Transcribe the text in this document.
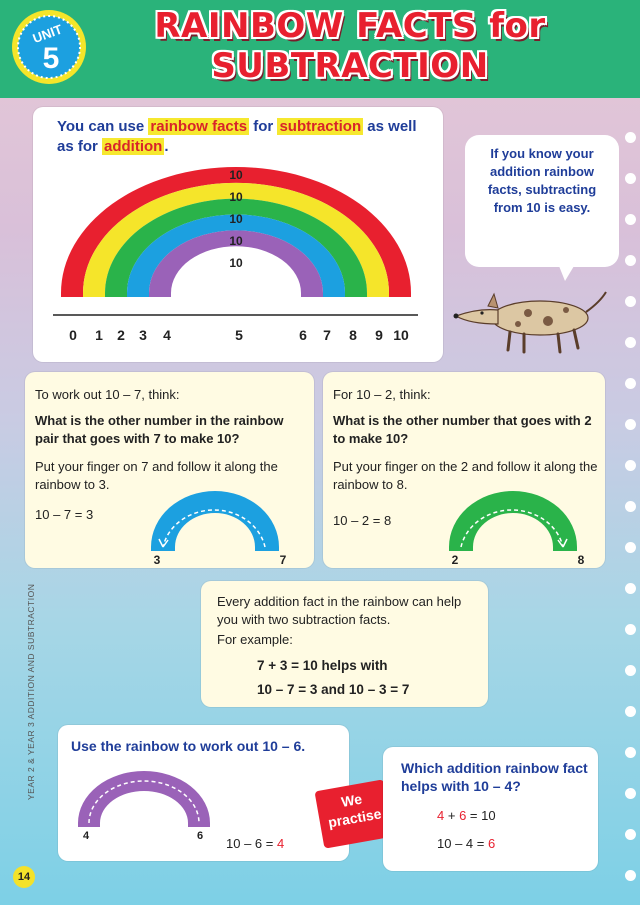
UNIT
5
RAINBOW FACTS for
SUBTRACTION
You can use rainbow facts for subtraction as well as for addition .
10
10
10
10
10
0 1 2 3 4	5	6 7 8 9 10
If you know your addition rainbow facts, subtracting from 10 is easy.
To work out 10 – 7, think:
What is the other number in the rainbow pair that goes with 7 to make 10?
Put your finger on 7 and follow it along the rainbow to 3.
10 – 7 = 3
3	7
For 10 – 2, think:
What is the other number that goes with 2 to make 10?
Put your finger on the 2 and follow it along the rainbow to 8.
10 – 2 = 8
2	8
Every addition fact in the rainbow can help you with two subtraction facts.
For example:
7 + 3 = 10 helps with
10 – 7 = 3 and 10 – 3 = 7
Use the rainbow to work out 10 – 6.
4	6 10 – 6 = 4
We
practise
Which addition rainbow fact helps with 10 – 4?
4 + 6 = 10
10 – 4 = 6
YEAR 2 & YEAR 3 ADDITION AND SUBTRACTION
14
